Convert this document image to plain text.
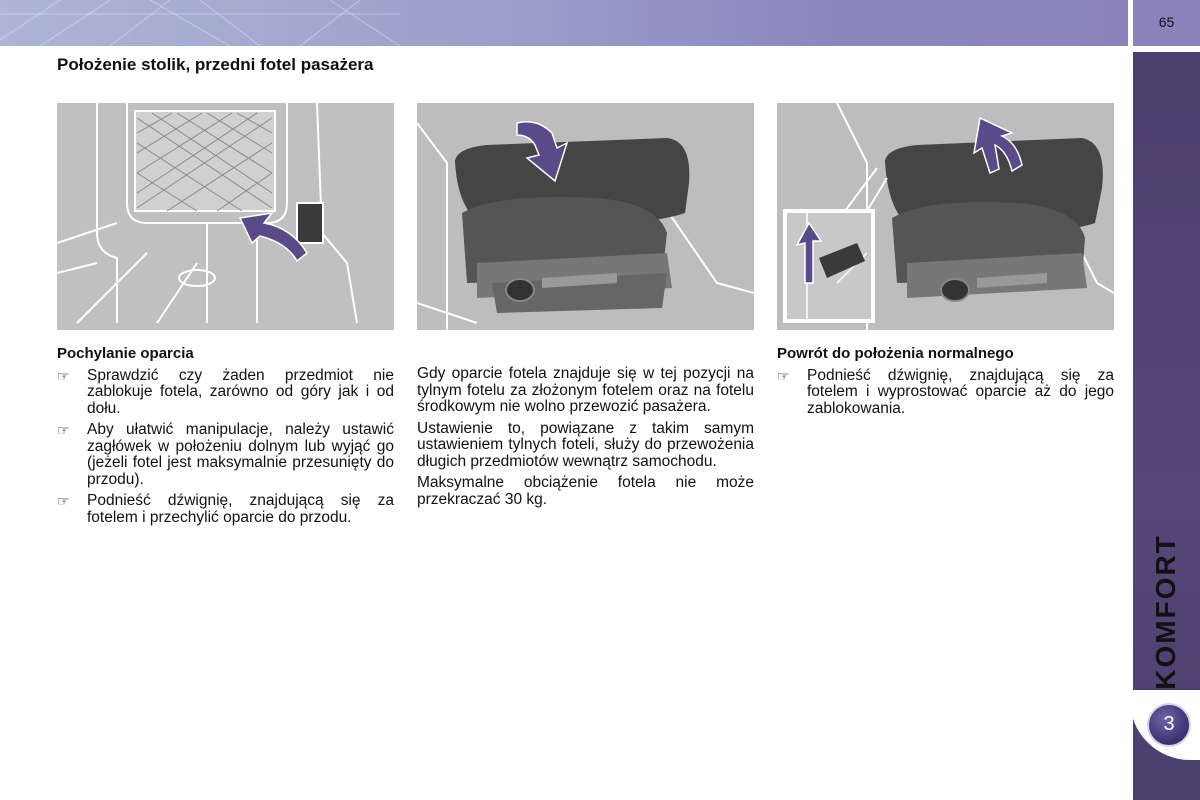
65
KOMFORT
3
Położenie stolik, przedni fotel pasażera
Pochylanie oparcia
☞ Sprawdzić czy żaden przedmiot nie zablokuje fotela, zarówno od góry jak i od dołu.
☞ Aby ułatwić manipulacje, należy ustawić zagłówek w położeniu dolnym lub wyjąć go (jeżeli fotel jest maksymalnie przesunięty do przodu).
☞ Podnieść dźwignię, znajdującą się za fotelem i przechylić oparcie do przodu.

Gdy oparcie fotela znajduje się w tej pozycji na tylnym fotelu za złożonym fotelem oraz na fotelu środkowym nie wolno przewozić pasażera.

Ustawienie to, powiązane z takim samym ustawieniem tylnych foteli, służy do przewożenia długich przedmiotów wewnątrz samochodu.

Maksymalne obciążenie fotela nie może przekraczać 30 kg.

Powrót do położenia normalnego
☞ Podnieść dźwignię, znajdującą się za fotelem i wyprostować oparcie aż do jego zablokowania.
